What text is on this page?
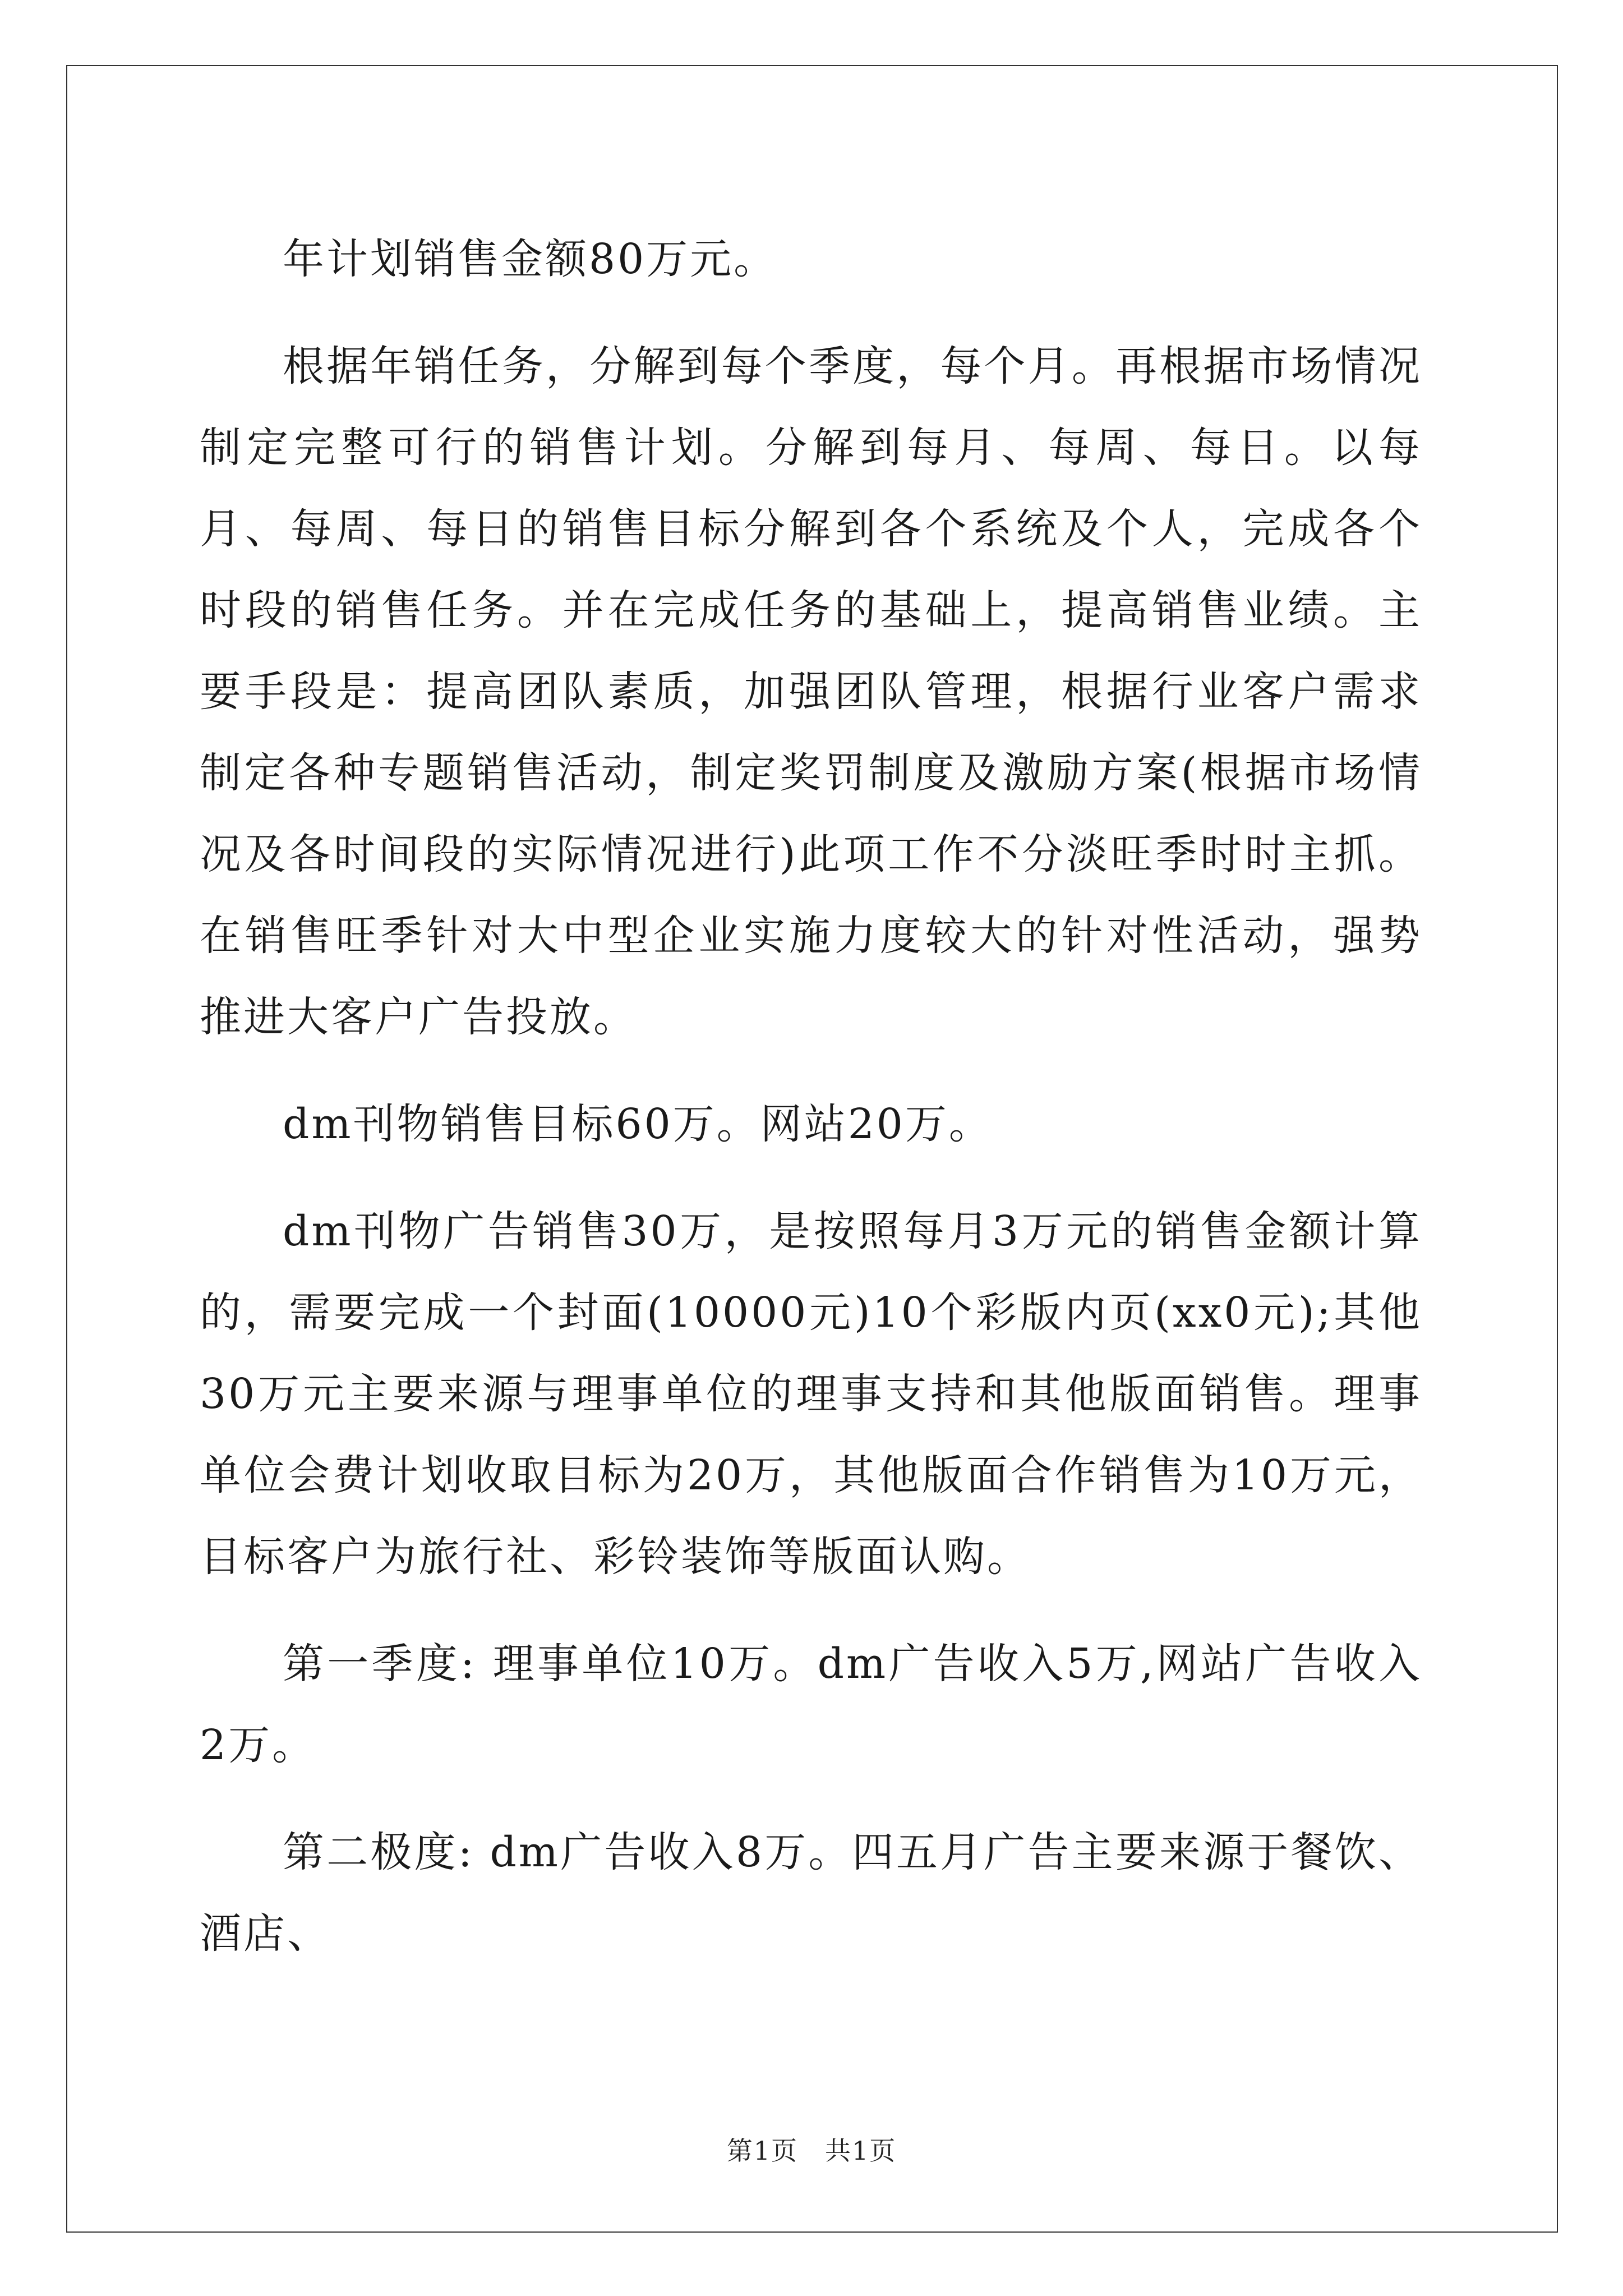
年计划销售金额80万元。

根据年销任务，分解到每个季度，每个月。再根据市场情况制定完整可行的销售计划。分解到每月、每周、每日。以每月、每周、每日的销售目标分解到各个系统及个人，完成各个时段的销售任务。并在完成任务的基础上，提高销售业绩。主要手段是：提高团队素质，加强团队管理，根据行业客户需求制定各种专题销售活动，制定奖罚制度及激励方案(根据市场情况及各时间段的实际情况进行)此项工作不分淡旺季时时主抓。在销售旺季针对大中型企业实施力度较大的针对性活动，强势推进大客户广告投放。

dm刊物销售目标60万。网站20万。

dm刊物广告销售30万，是按照每月3万元的销售金额计算的，需要完成一个封面(10000元)10个彩版内页(xx0元);其他30万元主要来源与理事单位的理事支持和其他版面销售。理事单位会费计划收取目标为20万，其他版面合作销售为10万元，目标客户为旅行社、彩铃装饰等版面认购。

第一季度: 理事单位10万。dm广告收入5万,网站广告收入2万。

第二极度: dm广告收入8万。四五月广告主要来源于餐饮、酒店、

第1页　共1页
